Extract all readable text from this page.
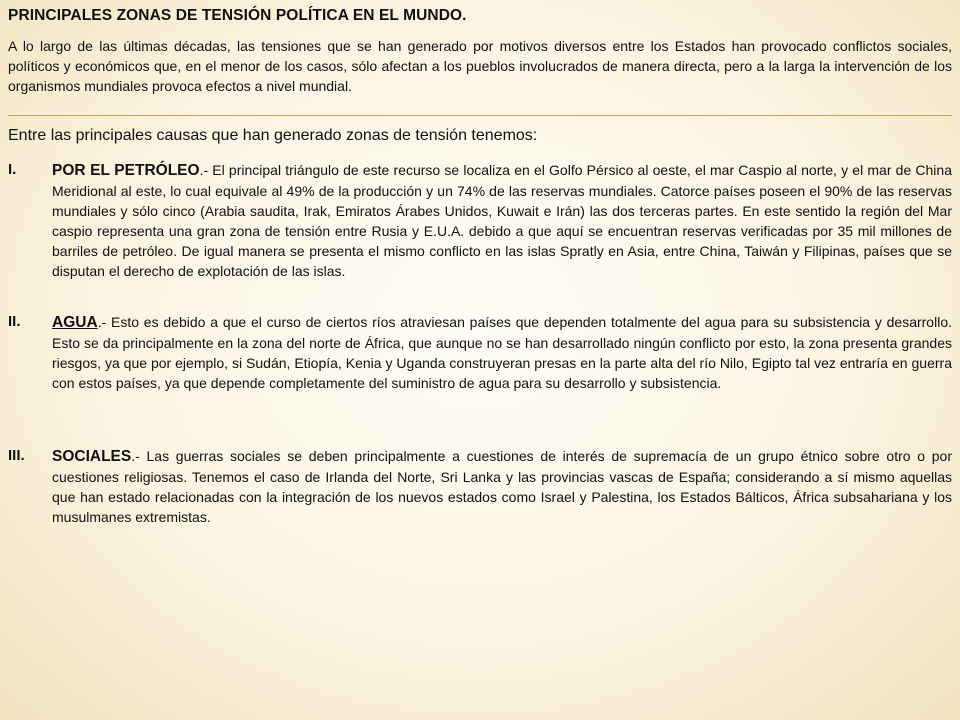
PRINCIPALES ZONAS DE TENSIÓN POLÍTICA EN EL MUNDO.
A lo largo de las últimas décadas, las tensiones que se han generado por motivos diversos entre los Estados han provocado conflictos sociales, políticos y económicos que, en el menor de los casos, sólo afectan a los pueblos involucrados de manera directa, pero a la larga la intervención de los organismos mundiales provoca efectos a nivel mundial.
Entre las principales causas que han generado zonas de tensión tenemos:
I.	POR EL PETRÓLEO.- El principal triángulo de este recurso se localiza en el Golfo Pérsico al oeste, el mar Caspio al norte, y el mar de China Meridional al este, lo cual equivale al 49% de la producción y un 74% de las reservas mundiales. Catorce países poseen el 90% de las reservas mundiales y sólo cinco (Arabia saudita, Irak, Emiratos Árabes Unidos, Kuwait e Irán) las dos terceras partes. En este sentido la región del Mar caspio representa una gran zona de tensión entre Rusia y E.U.A. debido a que aquí se encuentran reservas verificadas por 35 mil millones de barriles de petróleo. De igual manera se presenta el mismo conflicto en las islas Spratly en Asia, entre China, Taiwán y Filipinas, países que se disputan el derecho de explotación de las islas.
II.	AGUA.- Esto es debido a que el curso de ciertos ríos atraviesan países que dependen totalmente del agua para su subsistencia y desarrollo. Esto se da principalmente en la zona del norte de África, que aunque no se han desarrollado ningún conflicto por esto, la zona presenta grandes riesgos, ya que por ejemplo, si Sudán, Etiopía, Kenia y Uganda construyeran presas en la parte alta del río Nilo, Egipto tal vez entraría en guerra con estos países, ya que depende completamente del suministro de agua para su desarrollo y subsistencia.
III.	SOCIALES.- Las guerras sociales se deben principalmente a cuestiones de interés de supremacía de un grupo étnico sobre otro o por cuestiones religiosas. Tenemos el caso de Irlanda del Norte, Sri Lanka y las provincias vascas de España; considerando a sí mismo aquellas que han estado relacionadas con la integración de los nuevos estados como Israel y Palestina, los Estados Bálticos, África subsahariana y los musulmanes extremistas.
